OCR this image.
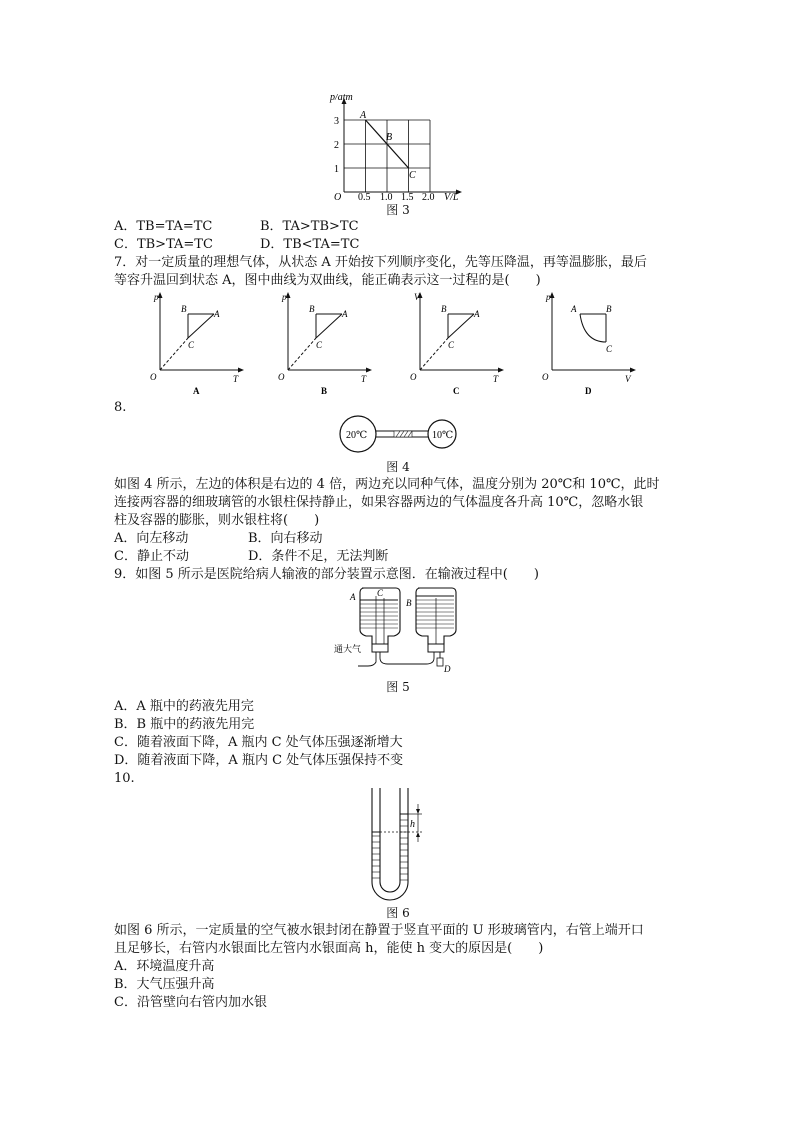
p/atm
3
2
1
O 0.5 1.0 1.5 2.0 V/L
A
B
C
图 3
A．TB=TA=TC	B．TA>TB>TC
C．TB>TA=TC	D．TB<TA=TC
7．对一定质量的理想气体，从状态 A 开始按下列顺序变化，先等压降温，再等温膨胀，最后
等容升温回到状态 A，图中曲线为双曲线，能正确表示这一过程的是(　　)
p
T
O
B	A
C
A
p
T
O
B	A
C
B
V
T
O
B	A
C
C
p
V
O
A	B
C
D
8.
20℃	10℃
图 4
如图 4 所示，左边的体积是右边的 4 倍，两边充以同种气体，温度分别为 20℃和 10℃，此时
连接两容器的细玻璃管的水银柱保持静止，如果容器两边的气体温度各升高 10℃，忽略水银
柱及容器的膨胀，则水银柱将(　　)
A．向左移动	B．向右移动
C．静止不动	D．条件不足，无法判断
9．如图 5 所示是医院给病人输液的部分装置示意图．在输液过程中(　　)
A C
B
D
通大气
图 5
A．A 瓶中的药液先用完
B．B 瓶中的药液先用完
C．随着液面下降，A 瓶内 C 处气体压强逐渐增大
D．随着液面下降，A 瓶内 C 处气体压强保持不变
10.
h
图 6
如图 6 所示，一定质量的空气被水银封闭在静置于竖直平面的 U 形玻璃管内，右管上端开口
且足够长，右管内水银面比左管内水银面高 h，能使 h 变大的原因是(　　)
A．环境温度升高
B．大气压强升高
C．沿管壁向右管内加水银
